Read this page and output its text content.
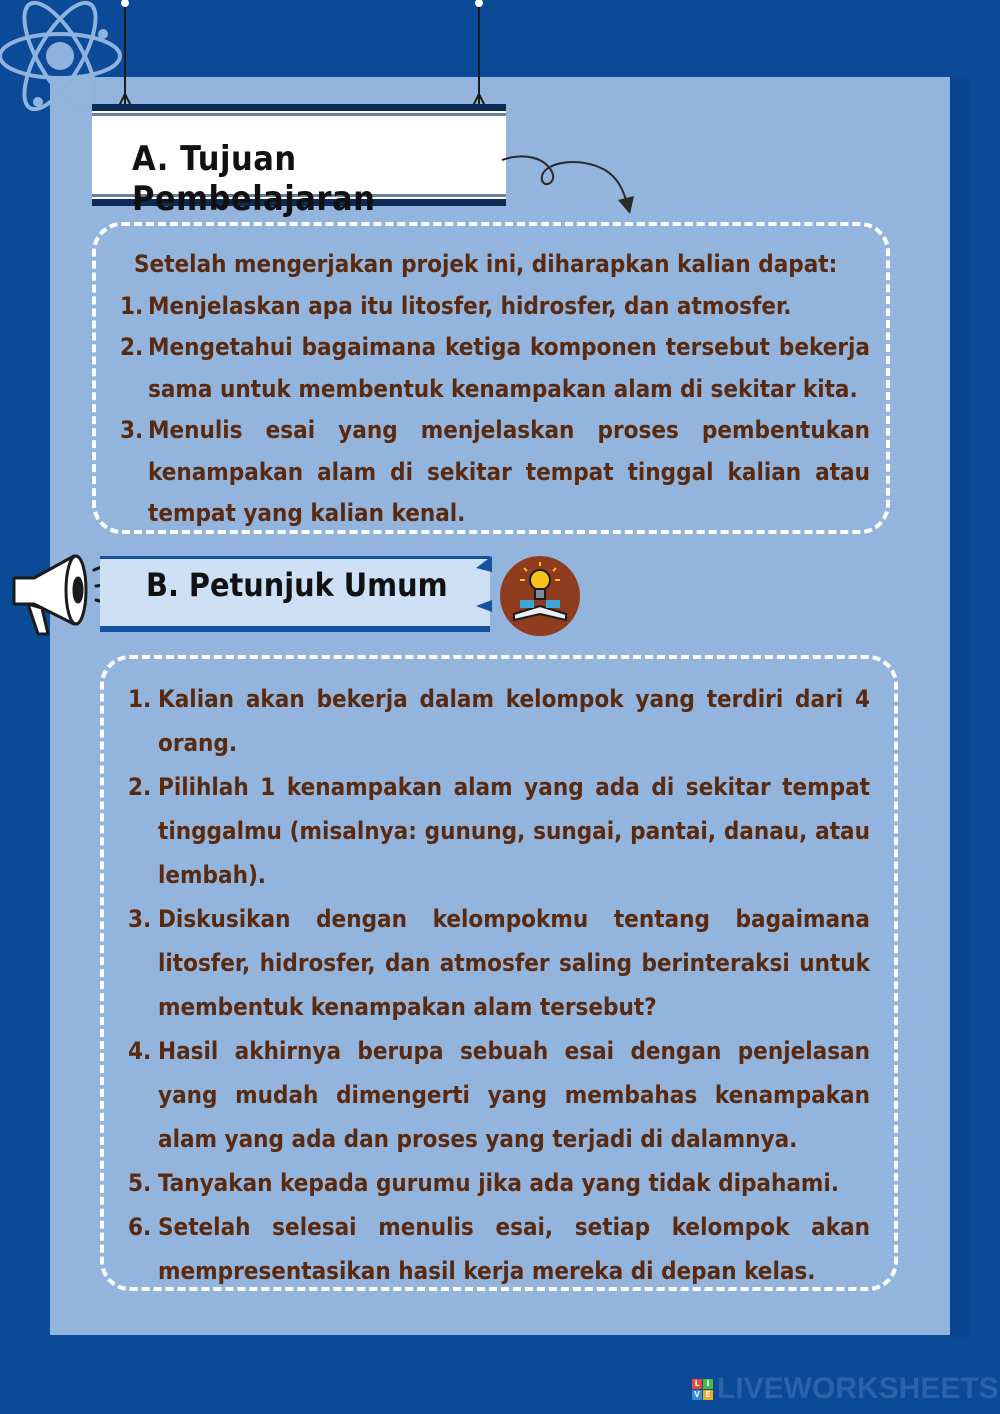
A. Tujuan Pembelajaran

Setelah mengerjakan projek ini, diharapkan kalian dapat:

1. Menjelaskan apa itu litosfer, hidrosfer, dan atmosfer.
2. Mengetahui bagaimana ketiga komponen tersebut bekerja sama untuk membentuk kenampakan alam di sekitar kita.
3. Menulis esai yang menjelaskan proses pembentukan kenampakan alam di sekitar tempat tinggal kalian atau tempat yang kalian kenal.
B. Petunjuk Umum
1. Kalian akan bekerja dalam kelompok yang terdiri dari 4 orang.
2. Pilihlah 1 kenampakan alam yang ada di sekitar tempat tinggalmu (misalnya: gunung, sungai, pantai, danau, atau lembah).
3. Diskusikan dengan kelompokmu tentang bagaimana litosfer, hidrosfer, dan atmosfer saling berinteraksi untuk membentuk kenampakan alam tersebut?
4. Hasil akhirnya berupa sebuah esai dengan penjelasan yang mudah dimengerti yang membahas kenampakan alam yang ada dan proses yang terjadi di dalamnya.
5. Tanyakan kepada gurumu jika ada yang tidak dipahami.
6. Setelah selesai menulis esai, setiap kelompok akan mempresentasikan hasil kerja mereka di depan kelas.
L I
V E LIVEWORKSHEETS
